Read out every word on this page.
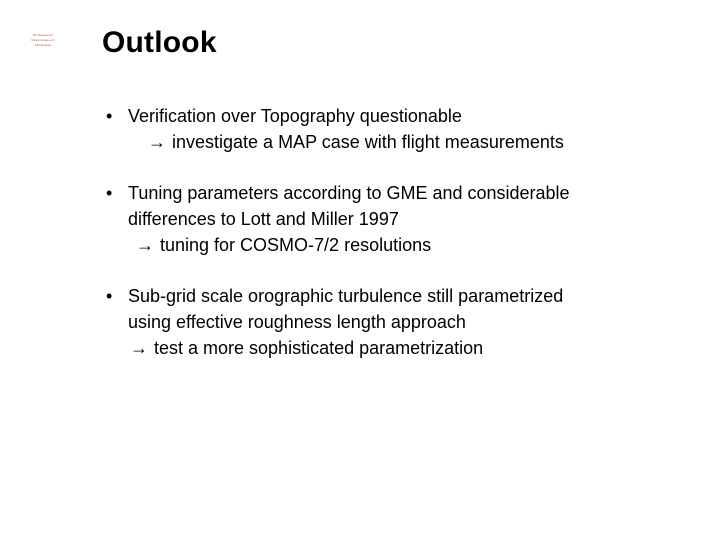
Bundesamt für
Meteorologie und
Klimatologie Outlook
• Verification over Topography questionable
→ investigate a MAP case with flight measurements
• Tuning parameters according to GME and considerable
differences to Lott and Miller 1997
→ tuning for COSMO-7/2 resolutions
• Sub-grid scale orographic turbulence still parametrized
using effective roughness length approach
→ test a more sophisticated parametrization
